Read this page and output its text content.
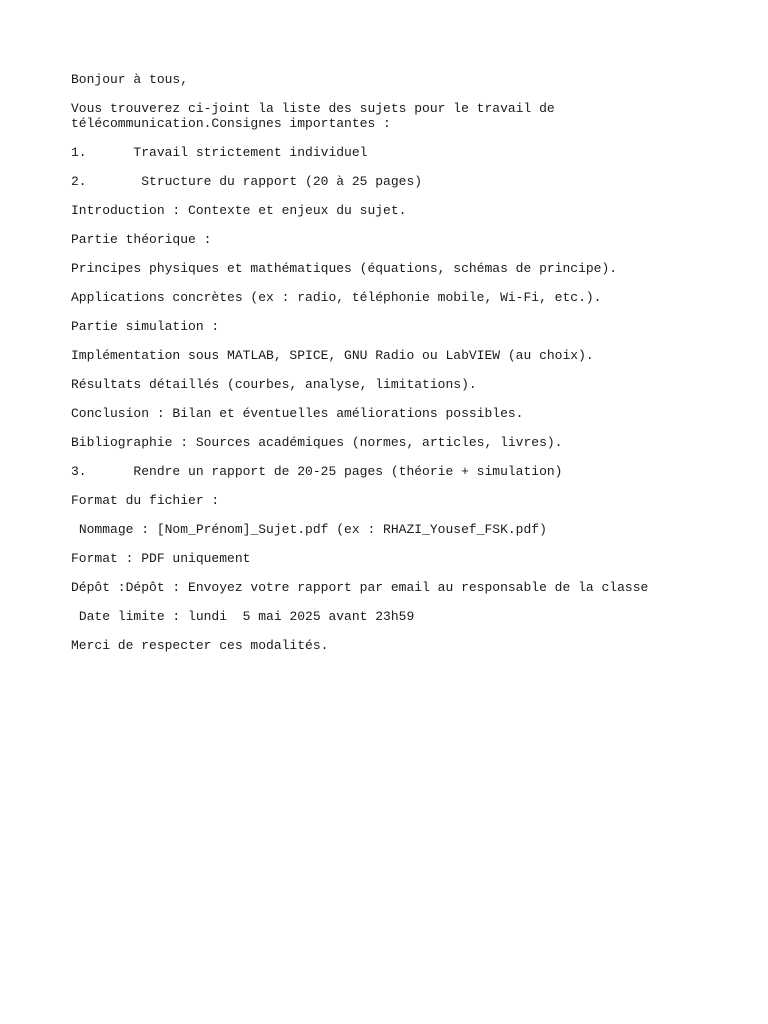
Bonjour à tous,

Vous trouverez ci-joint la liste des sujets pour le travail de
télécommunication.Consignes importantes :

1.      Travail strictement individuel

2.       Structure du rapport (20 à 25 pages)

Introduction : Contexte et enjeux du sujet.

Partie théorique :

Principes physiques et mathématiques (équations, schémas de principe).

Applications concrètes (ex : radio, téléphonie mobile, Wi-Fi, etc.).

Partie simulation :

Implémentation sous MATLAB, SPICE, GNU Radio ou LabVIEW (au choix).

Résultats détaillés (courbes, analyse, limitations).

Conclusion : Bilan et éventuelles améliorations possibles.

Bibliographie : Sources académiques (normes, articles, livres).

3.      Rendre un rapport de 20-25 pages (théorie + simulation)

Format du fichier :

Nommage : [Nom_Prénom]_Sujet.pdf (ex : RHAZI_Yousef_FSK.pdf)

Format : PDF uniquement

Dépôt :Dépôt : Envoyez votre rapport par email au responsable de la classe

Date limite : lundi  5 mai 2025 avant 23h59

Merci de respecter ces modalités.
